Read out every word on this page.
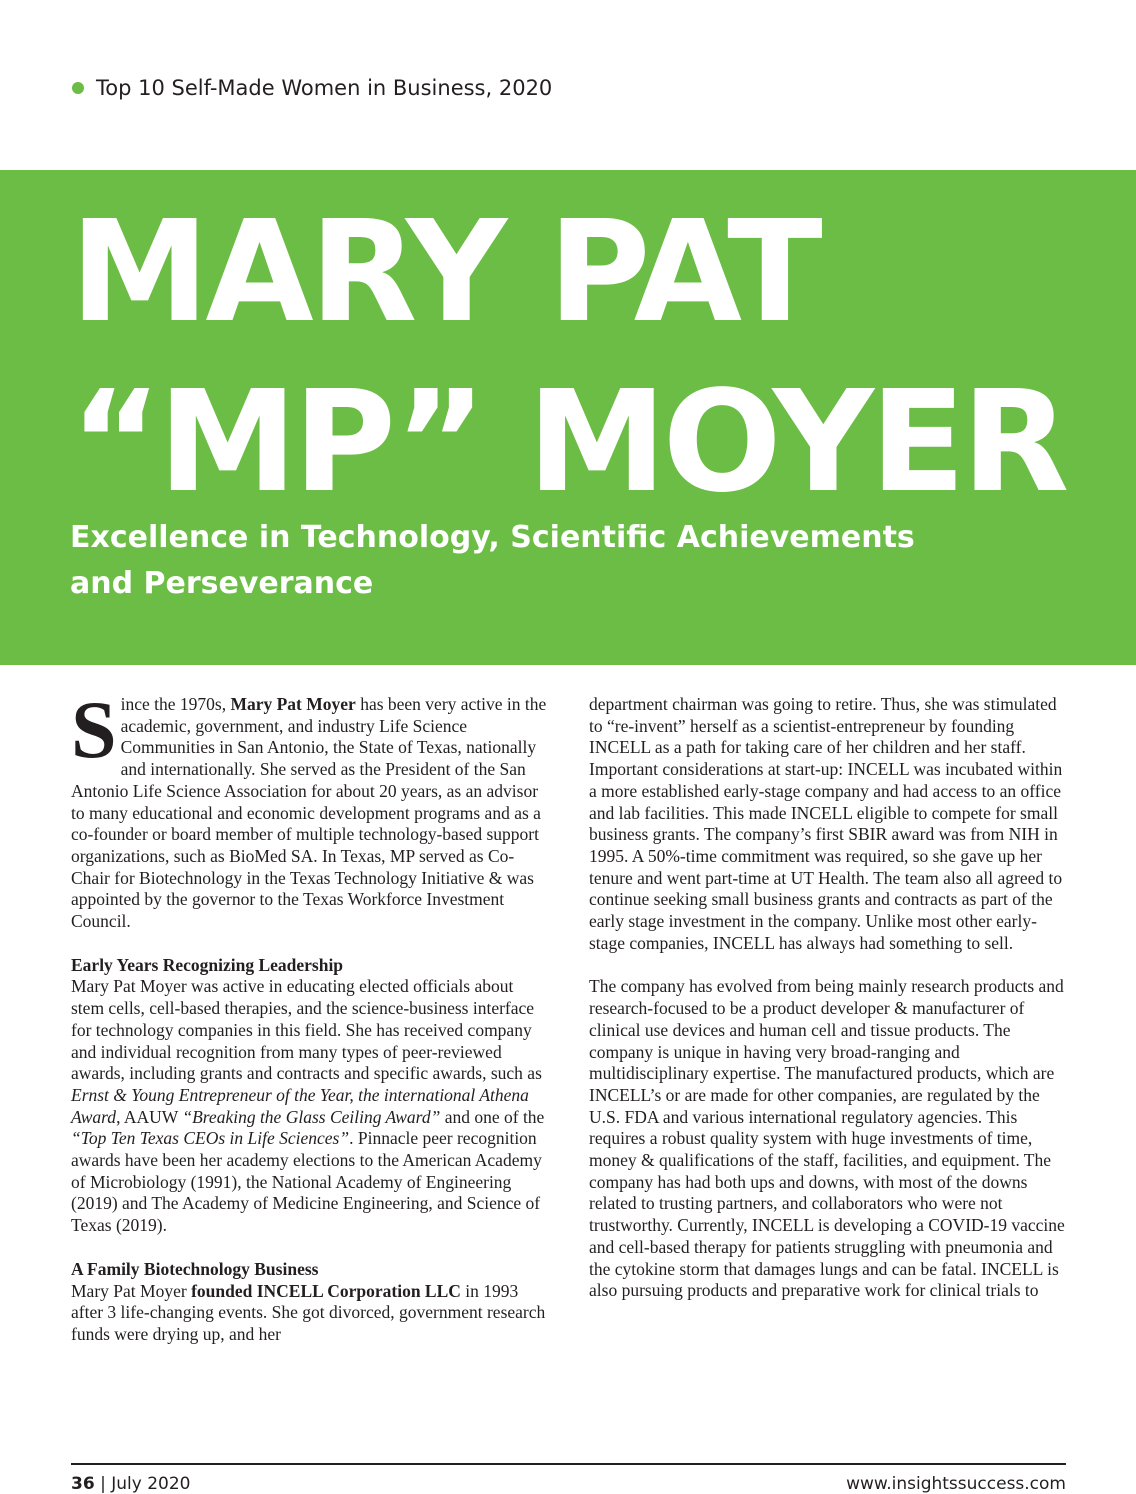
Top 10 Self-Made Women in Business, 2020
MARY PAT
“MP” MOYER
Excellence in Technology, Scientific Achievements
and Perseverance

Since the 1970s, Mary Pat Moyer has been very active in the academic, government, and industry Life Science Communities in San Antonio, the State of Texas, nationally and internationally. She served as the President of the San Antonio Life Science Association for about 20 years, as an advisor to many educational and economic development programs and as a co-founder or board member of multiple technology-based support organizations, such as BioMed SA. In Texas, MP served as Co-Chair for Biotechnology in the Texas Technology Initiative & was appointed by the governor to the Texas Workforce Investment Council.

Early Years Recognizing Leadership

Mary Pat Moyer was active in educating elected officials about stem cells, cell-based therapies, and the science-business interface for technology companies in this field. She has received company and individual recognition from many types of peer-reviewed awards, including grants and contracts and specific awards, such as Ernst & Young Entrepreneur of the Year, the international Athena Award, AAUW “Breaking the Glass Ceiling Award” and one of the “Top Ten Texas CEOs in Life Sciences”. Pinnacle peer recognition awards have been her academy elections to the American Academy of Microbiology (1991), the National Academy of Engineering (2019) and The Academy of Medicine Engineering, and Science of Texas (2019).

A Family Biotechnology Business

Mary Pat Moyer founded INCELL Corporation LLC in 1993 after 3 life-changing events. She got divorced, government research funds were drying up, and her

department chairman was going to retire. Thus, she was stimulated to “re-invent” herself as a scientist-entrepreneur by founding INCELL as a path for taking care of her children and her staff. Important considerations at start-up: INCELL was incubated within a more established early-stage company and had access to an office and lab facilities. This made INCELL eligible to compete for small business grants. The company’s first SBIR award was from NIH in 1995. A 50%-time commitment was required, so she gave up her tenure and went part-time at UT Health. The team also all agreed to continue seeking small business grants and contracts as part of the early stage investment in the company. Unlike most other early-stage companies, INCELL has always had something to sell.

The company has evolved from being mainly research products and research-focused to be a product developer & manufacturer of clinical use devices and human cell and tissue products. The company is unique in having very broad-ranging and multidisciplinary expertise. The manufactured products, which are INCELL’s or are made for other companies, are regulated by the U.S. FDA and various international regulatory agencies. This requires a robust quality system with huge investments of time, money & qualifications of the staff, facilities, and equipment. The company has had both ups and downs, with most of the downs related to trusting partners, and collaborators who were not trustworthy. Currently, INCELL is developing a COVID-19 vaccine and cell-based therapy for patients struggling with pneumonia and the cytokine storm that damages lungs and can be fatal. INCELL is also pursuing products and preparative work for clinical trials to

36 | July 2020	www.insightssuccess.com
